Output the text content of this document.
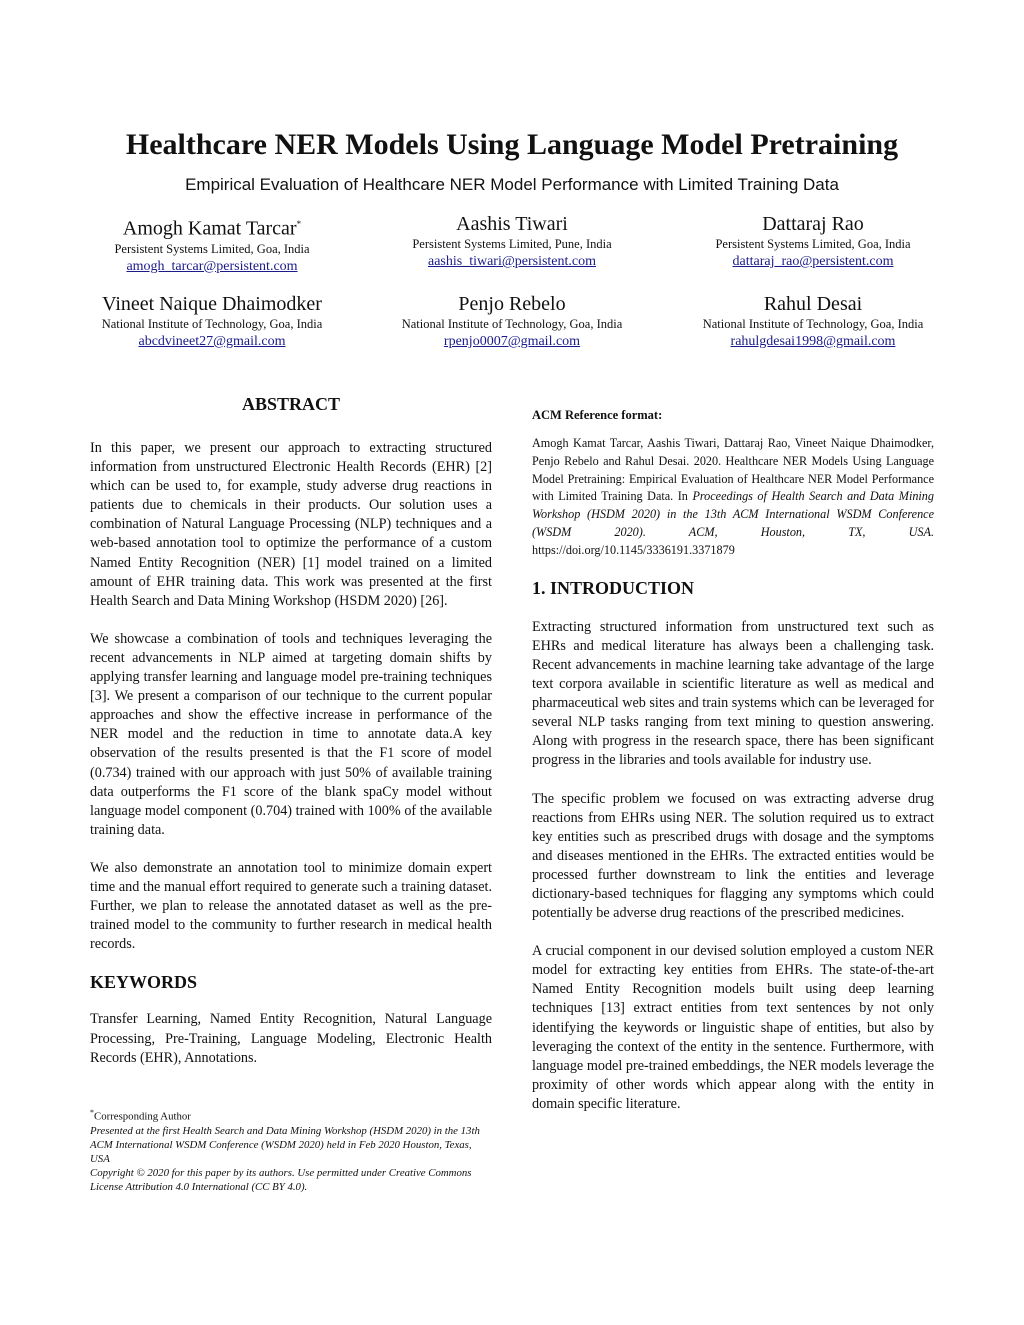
Healthcare NER Models Using Language Model Pretraining
Empirical Evaluation of Healthcare NER Model Performance with Limited Training Data
Amogh Kamat Tarcar*
Persistent Systems Limited, Goa, India
amogh_tarcar@persistent.com
Aashis Tiwari
Persistent Systems Limited, Pune, India
aashis_tiwari@persistent.com
Dattaraj Rao
Persistent Systems Limited, Goa, India
dattaraj_rao@persistent.com
Vineet Naique Dhaimodker
National Institute of Technology, Goa, India
abcdvineet27@gmail.com
Penjo Rebelo
National Institute of Technology, Goa, India
rpenjo0007@gmail.com
Rahul Desai
National Institute of Technology, Goa, India
rahulgdesai1998@gmail.com
ABSTRACT

In this paper, we present our approach to extracting structured information from unstructured Electronic Health Records (EHR) [2] which can be used to, for example, study adverse drug reactions in patients due to chemicals in their products. Our solution uses a combination of Natural Language Processing (NLP) techniques and a web-based annotation tool to optimize the performance of a custom Named Entity Recognition (NER) [1] model trained on a limited amount of EHR training data. This work was presented at the first Health Search and Data Mining Workshop (HSDM 2020) [26].

We showcase a combination of tools and techniques leveraging the recent advancements in NLP aimed at targeting domain shifts by applying transfer learning and language model pre-training techniques [3]. We present a comparison of our technique to the current popular approaches and show the effective increase in performance of the NER model and the reduction in time to annotate data.A key observation of the results presented is that the F1 score of model (0.734) trained with our approach with just 50% of available training data outperforms the F1 score of the blank spaCy model without language model component (0.704) trained with 100% of the available training data.

We also demonstrate an annotation tool to minimize domain expert time and the manual effort required to generate such a training dataset. Further, we plan to release the annotated dataset as well as the pre-trained model to the community to further research in medical health records.

KEYWORDS

Transfer Learning, Named Entity Recognition, Natural Language Processing, Pre-Training, Language Modeling, Electronic Health Records (EHR), Annotations.

*Corresponding Author
Presented at the first Health Search and Data Mining Workshop (HSDM 2020) in the 13th ACM International WSDM Conference (WSDM 2020) held in Feb 2020 Houston, Texas, USA
Copyright © 2020 for this paper by its authors. Use permitted under Creative Commons License Attribution 4.0 International (CC BY 4.0).
ACM Reference format:

Amogh Kamat Tarcar, Aashis Tiwari, Dattaraj Rao, Vineet Naique Dhaimodker, Penjo Rebelo and Rahul Desai. 2020. Healthcare NER Models Using Language Model Pretraining: Empirical Evaluation of Healthcare NER Model Performance with Limited Training Data. In Proceedings of Health Search and Data Mining Workshop (HSDM 2020) in the 13th ACM International WSDM Conference (WSDM 2020). ACM, Houston, TX, USA. https://doi.org/10.1145/3336191.3371879

1. INTRODUCTION

Extracting structured information from unstructured text such as EHRs and medical literature has always been a challenging task. Recent advancements in machine learning take advantage of the large text corpora available in scientific literature as well as medical and pharmaceutical web sites and train systems which can be leveraged for several NLP tasks ranging from text mining to question answering. Along with progress in the research space, there has been significant progress in the libraries and tools available for industry use.

The specific problem we focused on was extracting adverse drug reactions from EHRs using NER. The solution required us to extract key entities such as prescribed drugs with dosage and the symptoms and diseases mentioned in the EHRs. The extracted entities would be processed further downstream to link the entities and leverage dictionary-based techniques for flagging any symptoms which could potentially be adverse drug reactions of the prescribed medicines.

A crucial component in our devised solution employed a custom NER model for extracting key entities from EHRs. The state-of-the-art Named Entity Recognition models built using deep learning techniques [13] extract entities from text sentences by not only identifying the keywords or linguistic shape of entities, but also by leveraging the context of the entity in the sentence. Furthermore, with language model pre-trained embeddings, the NER models leverage the proximity of other words which appear along with the entity in domain specific literature.
